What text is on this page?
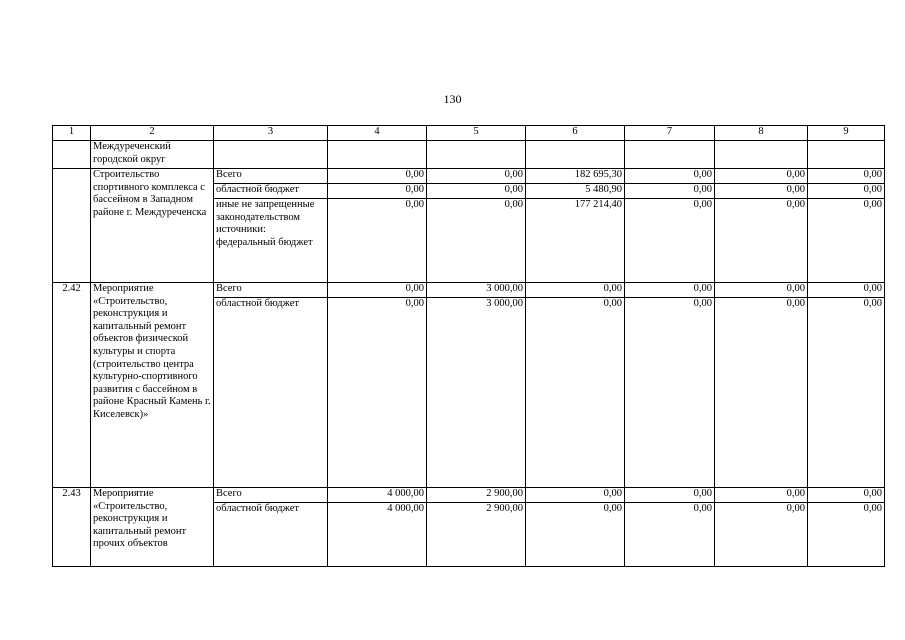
130
1	2	3	4	5	6	7	8	9
	Междуреченский городской округ							
	Строительство спортивного комплекса с бассейном в Западном районе г. Междуреченска	Всего	0,00	0,00	182 695,30	0,00	0,00	0,00
		областной бюджет	0,00	0,00	5 480,90	0,00	0,00	0,00
		иные не запрещенные законодательством источники: федеральный бюджет	0,00	0,00	177 214,40	0,00	0,00	0,00
2.42	Мероприятие «Строительство, реконструкция и капитальный ремонт объектов физической культуры и спорта (строительство центра культурно-спортивного развития с бассейном в районе Красный Камень г. Киселевск)»	Всего	0,00	3 000,00	0,00	0,00	0,00	0,00
		областной бюджет	0,00	3 000,00	0,00	0,00	0,00	0,00
2.43	Мероприятие «Строительство, реконструкция и капитальный ремонт прочих объектов	Всего	4 000,00	2 900,00	0,00	0,00	0,00	0,00
		областной бюджет	4 000,00	2 900,00	0,00	0,00	0,00	0,00
